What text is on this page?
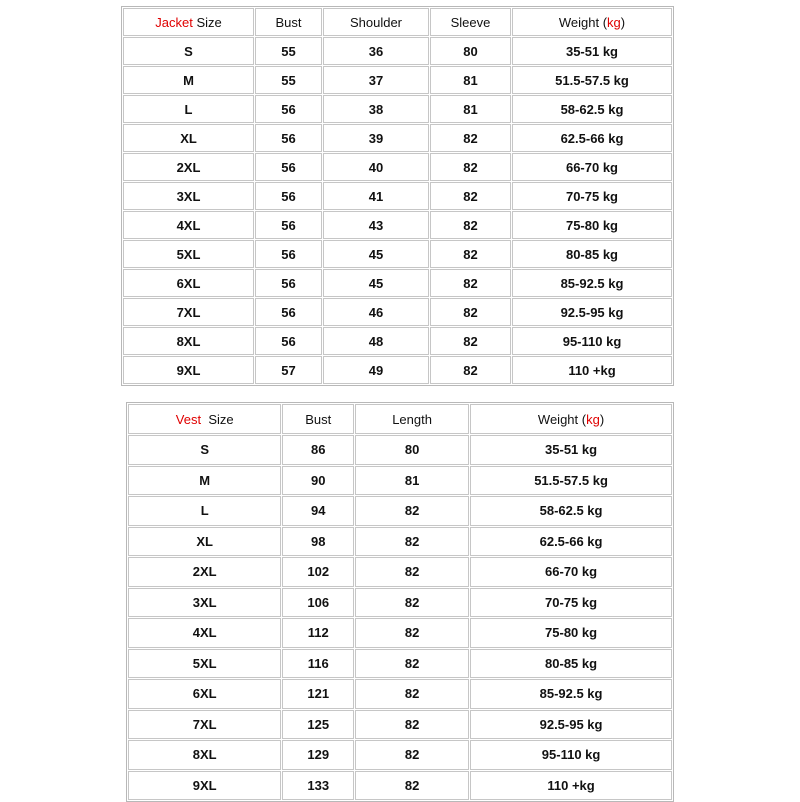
Jacket Size	Bust	Shoulder	Sleeve	Weight (kg)
S	55	36	80	35-51 kg
M	55	37	81	51.5-57.5 kg
L	56	38	81	58-62.5 kg
XL	56	39	82	62.5-66 kg
2XL	56	40	82	66-70 kg
3XL	56	41	82	70-75 kg
4XL	56	43	82	75-80 kg
5XL	56	45	82	80-85 kg
6XL	56	45	82	85-92.5 kg
7XL	56	46	82	92.5-95 kg
8XL	56	48	82	95-110 kg
9XL	57	49	82	110 +kg
Vest  Size	Bust	Length	Weight (kg)
S	86	80	35-51 kg
M	90	81	51.5-57.5 kg
L	94	82	58-62.5 kg
XL	98	82	62.5-66 kg
2XL	102	82	66-70 kg
3XL	106	82	70-75 kg
4XL	112	82	75-80 kg
5XL	116	82	80-85 kg
6XL	121	82	85-92.5 kg
7XL	125	82	92.5-95 kg
8XL	129	82	95-110 kg
9XL	133	82	110 +kg
